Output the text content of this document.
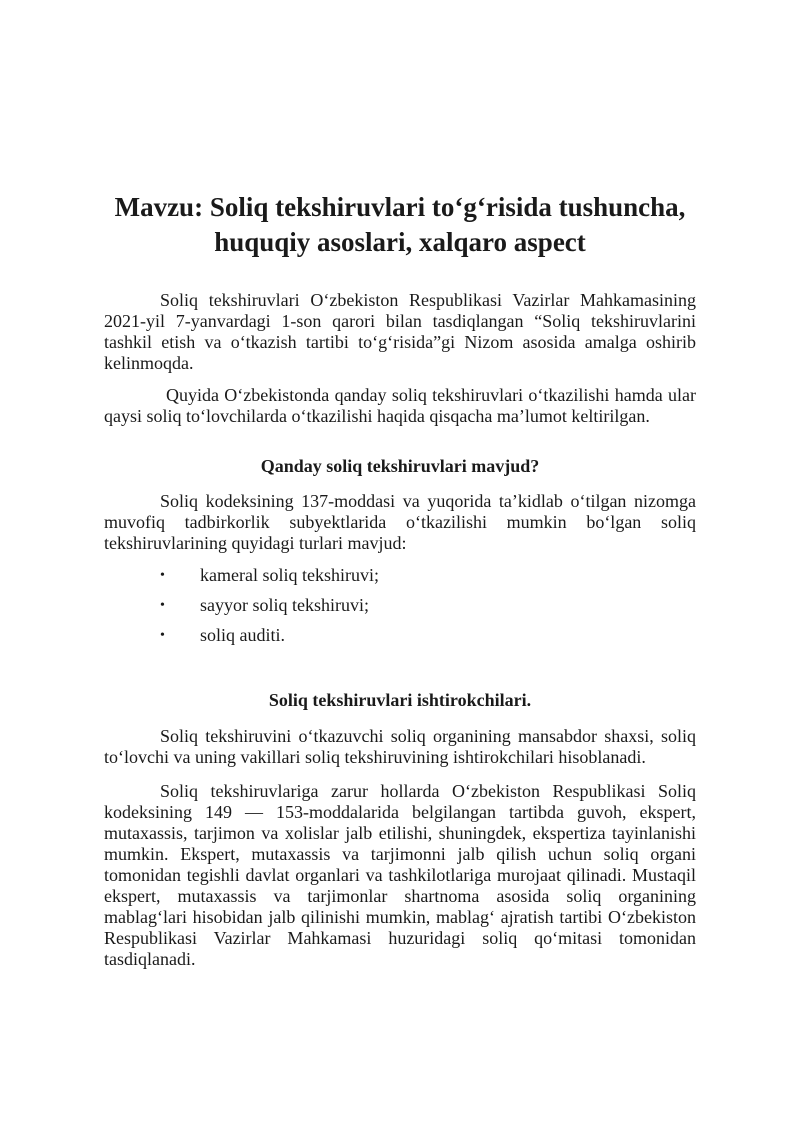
Mavzu: Soliq tekshiruvlari to‘g‘risida tushuncha,
huquqiy asoslari, xalqaro aspect

Soliq tekshiruvlari O‘zbekiston Respublikasi Vazirlar Mahkamasining 2021-yil 7-yanvardagi 1-son qarori bilan tasdiqlangan “Soliq tekshiruvlarini tashkil etish va o‘tkazish tartibi to‘g‘risida”gi Nizom asosida amalga oshirib kelinmoqda.

Quyida O‘zbekistonda qanday soliq tekshiruvlari o‘tkazilishi hamda ular qaysi soliq to‘lovchilarda o‘tkazilishi haqida qisqacha ma’lumot keltirilgan.

Qanday soliq tekshiruvlari mavjud?

Soliq kodeksining 137-moddasi va yuqorida ta’kidlab o‘tilgan nizomga muvofiq tadbirkorlik subyektlarida o‘tkazilishi mumkin bo‘lgan soliq tekshiruvlarining quyidagi turlari mavjud:

• kameral soliq tekshiruvi;
• sayyor soliq tekshiruvi;
• soliq auditi.
Soliq tekshiruvlari ishtirokchilari.

Soliq tekshiruvini o‘tkazuvchi soliq organining mansabdor shaxsi, soliq to‘lovchi va uning vakillari soliq tekshiruvining ishtirokchilari hisoblanadi.

Soliq tekshiruvlariga zarur hollarda O‘zbekiston Respublikasi Soliq kodeksining 149 — 153-moddalarida belgilangan tartibda guvoh, ekspert, mutaxassis, tarjimon va xolislar jalb etilishi, shuningdek, ekspertiza tayinlanishi mumkin. Ekspert, mutaxassis va tarjimonni jalb qilish uchun soliq organi tomonidan tegishli davlat organlari va tashkilotlariga murojaat qilinadi. Mustaqil ekspert, mutaxassis va tarjimonlar shartnoma asosida soliq organining mablag‘lari hisobidan jalb qilinishi mumkin, mablag‘ ajratish tartibi O‘zbekiston Respublikasi Vazirlar Mahkamasi huzuridagi soliq qo‘mitasi tomonidan tasdiqlanadi.
